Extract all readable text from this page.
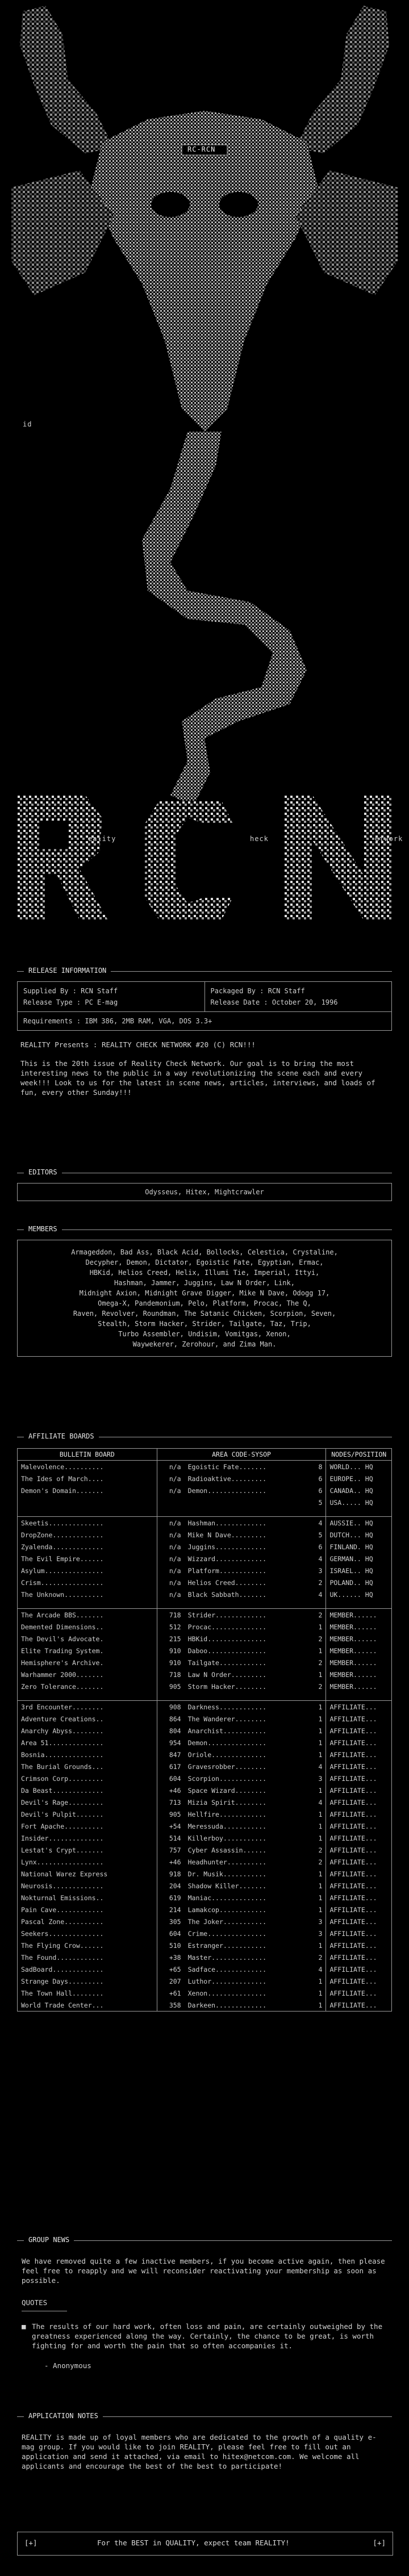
RC-RCN
id
eality	heck	etwork
RELEASE INFORMATION
Supplied By : RCN Staff
Release Type : PC E-mag
Packaged By : RCN Staff
Release Date : October 20, 1996
Requirements : IBM 386, 2MB RAM, VGA, DOS 3.3+

REALITY Presents : REALITY CHECK NETWORK #20 (C) RCN!!!

This is the 20th issue of Reality Check Network. Our goal is to bring the most interesting news to the public in a way revolutionizing the scene each and every week!!! Look to us for the latest in scene news, articles, interviews, and loads of fun, every other Sunday!!!

EDITORS
Odysseus, Hitex, Mightcrawler
MEMBERS
Armageddon, Bad Ass, Black Acid, Bollocks, Celestica, Crystaline,
Decypher, Demon, Dictator, Egoistic Fate, Egyptian, Ermac,
HBKid, Helios Creed, Helix, Illumi Tie, Imperial, Ittyi,
Hashman, Jammer, Juggins, Law N Order, Link,
Midnight Axion, Midnight Grave Digger, Mike N Dave, Odogg 17,
Omega-X, Pandemonium, Pelo, Platform, Procac, The Q,
Raven, Revolver, Roundman, The Satanic Chicken, Scorpion, Seven,
Stealth, Storm Hacker, Strider, Tailgate, Taz, Trip,
Turbo Assembler, Undisim, Vomitgas, Xenon,
Waywekerer, Zerohour, and Zima Man.
AFFILIATE BOARDS
BULLETIN BOARD	AREA CODE-SYSOP			NODES/POSITION
Malevolence..........	n/a	Egoistic Fate.......	8	WORLD... HQ
The Ides of March....	n/a	Radioaktive.........	6	EUROPE.. HQ
Demon's Domain.......	n/a	Demon...............	6	CANADA.. HQ
			5	USA..... HQ

Skeetis..............	n/a	Hashman.............	4	AUSSIE.. HQ
DropZone.............	n/a	Mike N Dave.........	5	DUTCH... HQ
Zyalenda.............	n/a	Juggins.............	6	FINLAND. HQ
The Evil Empire......	n/a	Wizzard.............	4	GERMAN.. HQ
Asylum...............	n/a	Platform............	3	ISRAEL.. HQ
Crism................	n/a	Helios Creed........	2	POLAND.. HQ
The Unknown..........	n/a	Black Sabbath.......	4	UK...... HQ

The Arcade BBS.......	718	Strider.............	2	MEMBER......
Demented Dimensions..	512	Procac..............	1	MEMBER......
The Devil's Advocate.	215	HBKid...............	2	MEMBER......
Elite Trading System.	910	Daboo...............	1	MEMBER......
Hemisphere's Archive.	910	Tailgate............	2	MEMBER......
Warhammer 2000.......	718	Law N Order.........	1	MEMBER......
Zero Tolerance.......	905	Storm Hacker........	2	MEMBER......

3rd Encounter........	908	Darkness............	1	AFFILIATE...
Adventure Creations..	864	The Wanderer........	1	AFFILIATE...
Anarchy Abyss........	804	Anarchist...........	1	AFFILIATE...
Area 51..............	954	Demon...............	1	AFFILIATE...
Bosnia...............	847	Oriole..............	1	AFFILIATE...
The Burial Grounds...	617	Gravesrobber........	4	AFFILIATE...
Crimson Corp.........	604	Scorpion............	3	AFFILIATE...
Da Beast.............	+46	Space Wizard........	1	AFFILIATE...
Devil's Rage.........	713	Mizia Spirit........	4	AFFILIATE...
Devil's Pulpit.......	905	Hellfire............	1	AFFILIATE...
Fort Apache..........	+54	Meressuda...........	1	AFFILIATE...
Insider..............	514	Killerboy...........	1	AFFILIATE...
Lestat's Crypt.......	757	Cyber Assassin......	2	AFFILIATE...
Lynx.................	+46	Headhunter..........	2	AFFILIATE...
National Warez Express	918	Dr. Musik...........	1	AFFILIATE...
Neurosis.............	204	Shadow Killer.......	1	AFFILIATE...
Nokturnal Emissions..	619	Maniac..............	1	AFFILIATE...
Pain Cave............	214	Lamakcop............	1	AFFILIATE...
Pascal Zone..........	305	The Joker...........	3	AFFILIATE...
Seekers..............	604	Crime...............	3	AFFILIATE...
The Flying Crow......	510	Estranger...........	1	AFFILIATE...
The Found............	+38	Master..............	2	AFFILIATE...
SadBoard.............	+65	Sadface.............	4	AFFILIATE...
Strange Days.........	207	Luthor..............	1	AFFILIATE...
The Town Hall........	+61	Xenon...............	1	AFFILIATE...
World Trade Center...	358	Darkeen.............	1	AFFILIATE...
GROUP NEWS

We have removed quite a few inactive members, if you become active again, then please feel free to reapply and we will reconsider reactivating your membership as soon as possible.

QUOTES

■ The results of our hard work, often loss and pain, are certainly outweighed by the greatness experienced along the way. Certainly, the chance to be great, is worth fighting for and worth the pain that so often accompanies it.

- Anonymous

APPLICATION NOTES

REALITY is made up of loyal members who are dedicated to the growth of a quality e-mag group. If you would like to join REALITY, please feel free to fill out an application and send it attached, via email to hitex@netcom.com. We welcome all applicants and encourage the best of the best to participate!

[+]	For the BEST in QUALITY, expect team REALITY!	[+]
